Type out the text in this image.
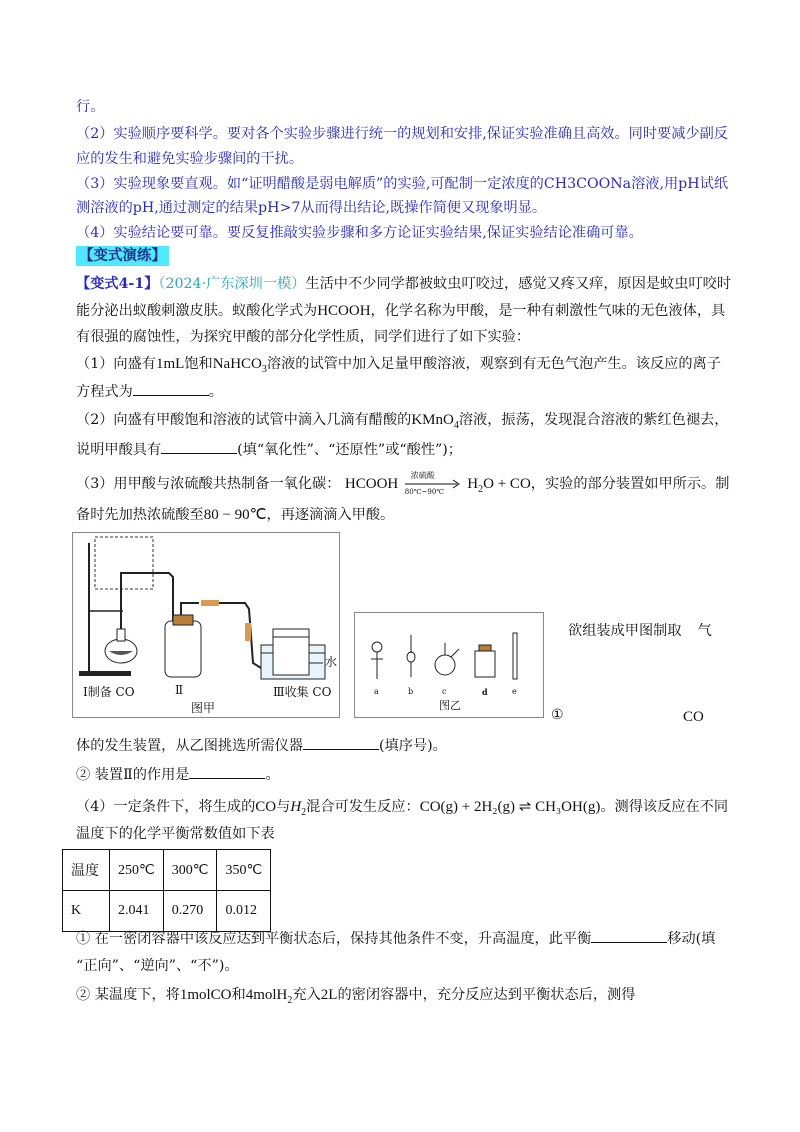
行。
（2）实验顺序要科学。要对各个实验步骤进行统一的规划和安排,保证实验准确且高效。同时要减少副反
应的发生和避免实验步骤间的干扰。
（3）实验现象要直观。如“证明醋酸是弱电解质”的实验,可配制一定浓度的CH3COONa溶液,用pH试纸
测溶液的pH,通过测定的结果pH>7从而得出结论,既操作简便又现象明显。
（4）实验结论要可靠。要反复推敲实验步骤和多方论证实验结果,保证实验结论准确可靠。
【变式演练】
【变式4-1】（2024·广东深圳一模）生活中不少同学都被蚊虫叮咬过，感觉又疼又痒，原因是蚊虫叮咬时
能分泌出蚁酸刺激皮肤。蚁酸化学式为HCOOH，化学名称为甲酸，是一种有刺激性气味的无色液体，具
有很强的腐蚀性，为探究甲酸的部分化学性质，同学们进行了如下实验：
（1）向盛有1mL饱和NaHCO$_3$溶液的试管中加入足量甲酸溶液，观察到有无色气泡产生。该反应的离子
方程式为	。
（2）向盛有甲酸饱和溶液的试管中滴入几滴有醋酸的KMnO$_4$溶液，振荡，发现混合溶液的紫红色褪去，
说明甲酸具有	(填“氧化性”、“还原性”或“酸性”)；
（3）用甲酸与浓硫酸共热制备一氧化碳： HCOOH
浓硫酸
80℃~90℃ $H_2O$ + CO，实验的部分装置如甲所示。制
备时先加热浓硫酸至80 − 90℃，再逐滴滴入甲酸。
水
Ⅰ制备 CO	Ⅱ	Ⅲ收集 CO
图甲
a	b	c	d	e
图乙
欲组装成甲图制取 气
①	CO
体的发生装置，从乙图挑选所需仪器	(填序号)。
② 装置Ⅱ的作用是	。
（4）一定条件下，将生成的CO与$H_2$混合可发生反应：CO(g) + 2H₂(g) ⇌ CH₃OH(g)。测得该反应在不同
温度下的化学平衡常数值如下表
温度	250℃	300℃	350℃
K	2.041	0.270	0.012
① 在一密闭容器中该反应达到平衡状态后，保持其他条件不变，升高温度，此平衡	移动(填
“正向”、“逆向”、“不”)。
② 某温度下，将1molCO和4molH$_2$充入2L的密闭容器中，充分反应达到平衡状态后，测得
